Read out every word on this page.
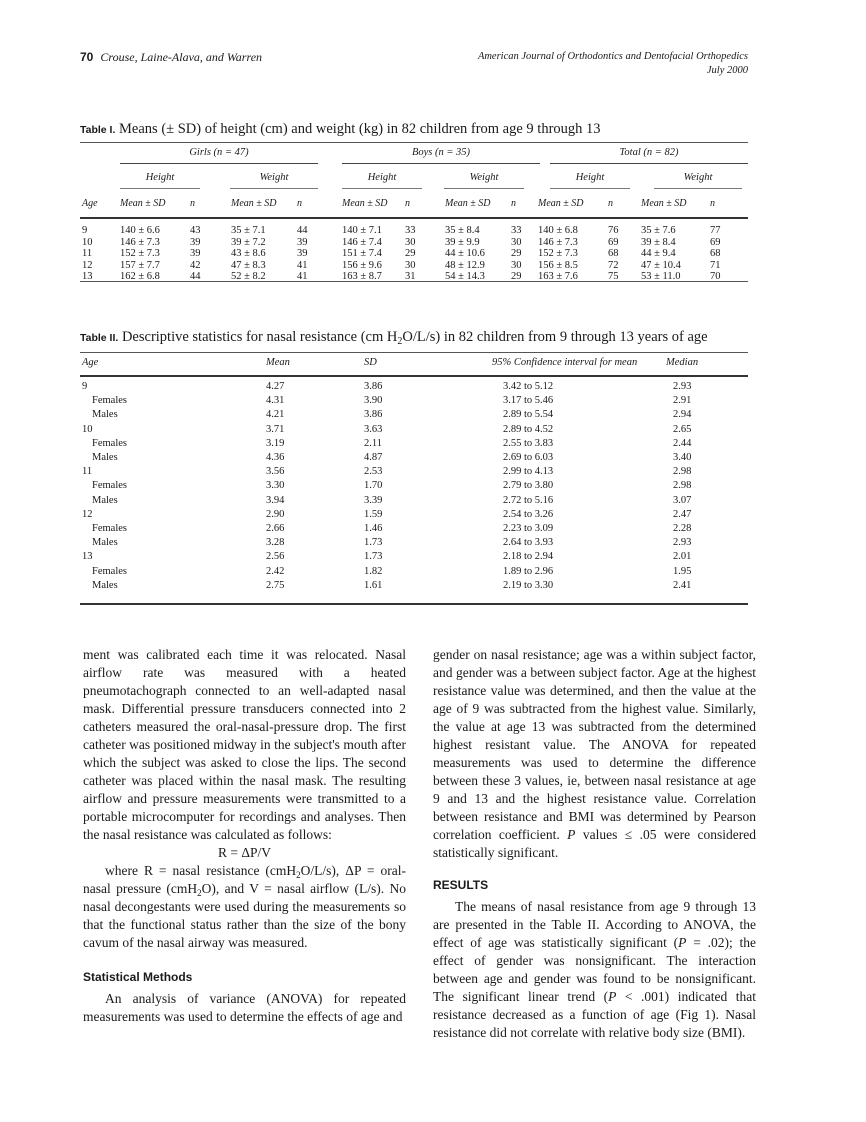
70 Crouse, Laine-Alava, and Warren	American Journal of Orthodontics and Dentofacial Orthopedics
July 2000
Table I. Means (± SD) of height (cm) and weight (kg) in 82 children from age 9 through 13
Girls (n = 47)	Boys (n = 35)	Total (n = 82)
Height	Weight	Height	Weight	Height	Weight
Age Mean ± SD n	Mean ± SD n	Mean ± SD n	Mean ± SD n Mean ± SD n	Mean ± SD n
9	140 ± 6.6	43	35 ± 7.1	44	140 ± 7.1 33	35 ± 8.4	33 140 ± 6.8	76 35 ± 7.6	77
10	146 ± 7.3	39	39 ± 7.2	39	146 ± 7.4 30	39 ± 9.9	30 146 ± 7.3	69 39 ± 8.4	69
11	152 ± 7.3	39	43 ± 8.6	39	151 ± 7.4 29	44 ± 10.6 29 152 ± 7.3	68 44 ± 9.4	68
12	157 ± 7.7	42	47 ± 8.3	41	156 ± 9.6 30	48 ± 12.9 30 156 ± 8.5	72 47 ± 10.4	71
13	162 ± 6.8	44	52 ± 8.2	41	163 ± 8.7 31	54 ± 14.3 29 163 ± 7.6	75 53 ± 11.0	70
Table II. Descriptive statistics for nasal resistance (cm $H_2O/L/s$) in 82 children from 9 through 13 years of age
Age	Mean	SD	95% Confidence interval for mean	Median
9	4.27	3.86	3.42 to 5.12	2.93
Females	4.31	3.90	3.17 to 5.46	2.91
Males	4.21	3.86	2.89 to 5.54	2.94
10	3.71	3.63	2.89 to 4.52	2.65
Females	3.19	2.11	2.55 to 3.83	2.44
Males	4.36	4.87	2.69 to 6.03	3.40
11	3.56	2.53	2.99 to 4.13	2.98
Females	3.30	1.70	2.79 to 3.80	2.98
Males	3.94	3.39	2.72 to 5.16	3.07
12	2.90	1.59	2.54 to 3.26	2.47
Females	2.66	1.46	2.23 to 3.09	2.28
Males	3.28	1.73	2.64 to 3.93	2.93
13	2.56	1.73	2.18 to 2.94	2.01
Females	2.42	1.82	1.89 to 2.96	1.95
Males	2.75	1.61	2.19 to 3.30	2.41

ment was calibrated each time it was relocated. Nasal airflow rate was measured with a heated pneumotachograph connected to an well-adapted nasal mask. Differential pressure transducers connected into 2 catheters measured the oral-nasal-pressure drop. The first catheter was positioned midway in the subject's mouth after which the subject was asked to close the lips. The second catheter was placed within the nasal mask. The resulting airflow and pressure measurements were transmitted to a portable microcomputer for recordings and analyses. Then the nasal resistance was calculated as follows:

R = ΔP/V

where R = nasal resistance (cmH$_2$O/L/s), ΔP = oral-nasal pressure (cmH$_2$O), and V = nasal airflow (L/s). No nasal decongestants were used during the measurements so that the functional status rather than the size of the bony cavum of the nasal airway was measured.

Statistical Methods

An analysis of variance (ANOVA) for repeated measurements was used to determine the effects of age and

gender on nasal resistance; age was a within subject factor, and gender was a between subject factor. Age at the highest resistance value was determined, and then the value at the age of 9 was subtracted from the highest value. Similarly, the value at age 13 was subtracted from the determined highest resistant value. The ANOVA for repeated measurements was used to determine the difference between these 3 values, ie, between nasal resistance at age 9 and 13 and the highest resistance value. Correlation between resistance and BMI was determined by Pearson correlation coefficient. P values ≤ .05 were considered statistically significant.

RESULTS

The means of nasal resistance from age 9 through 13 are presented in the Table II. According to ANOVA, the effect of age was statistically significant (P = .02); the effect of gender was nonsignificant. The interaction between age and gender was found to be nonsignificant. The significant linear trend (P < .001) indicated that resistance decreased as a function of age (Fig 1). Nasal resistance did not correlate with relative body size (BMI).
